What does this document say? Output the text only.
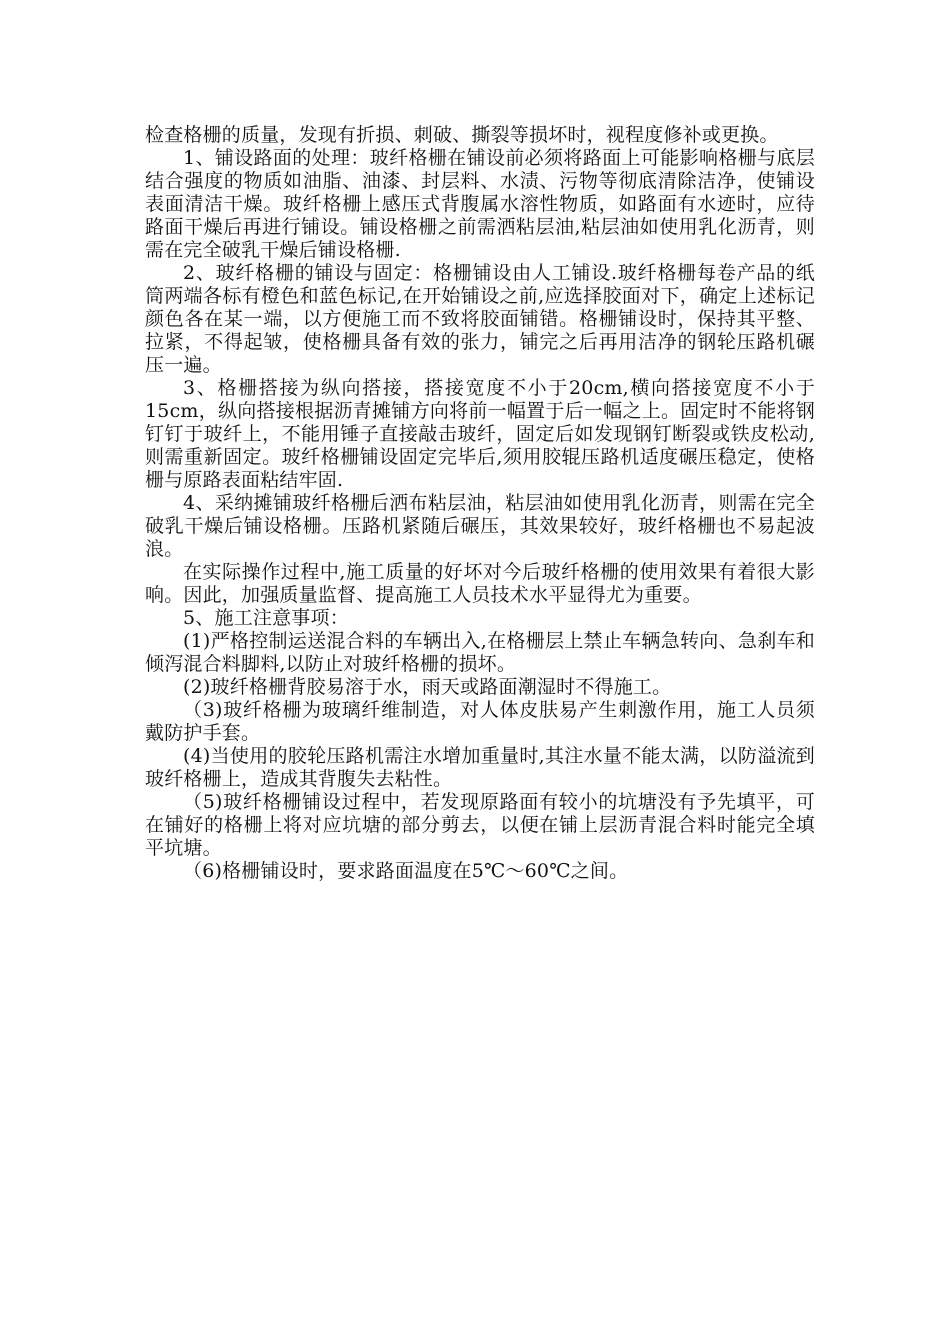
检查格栅的质量，发现有折损、刺破、撕裂等损坏时，视程度修补或更换。

1、铺设路面的处理：玻纤格栅在铺设前必须将路面上可能影响格栅与底层结合强度的物质如油脂、油漆、封层料、水渍、污物等彻底清除洁净，使铺设表面清洁干燥。玻纤格栅上感压式背腹属水溶性物质，如路面有水迹时，应待路面干燥后再进行铺设。铺设格栅之前需洒粘层油,粘层油如使用乳化沥青，则需在完全破乳干燥后铺设格栅.

2、玻纤格栅的铺设与固定：格栅铺设由人工铺设.玻纤格栅每卷产品的纸筒两端各标有橙色和蓝色标记,在开始铺设之前,应选择胶面对下，确定上述标记颜色各在某一端，以方便施工而不致将胶面铺错。格栅铺设时，保持其平整、拉紧，不得起皱，使格栅具备有效的张力，铺完之后再用洁净的钢轮压路机碾压一遍。

3、格栅搭接为纵向搭接，搭接宽度不小于20cm,横向搭接宽度不小于15cm，纵向搭接根据沥青摊铺方向将前一幅置于后一幅之上。固定时不能将钢钉钉于玻纤上，不能用锤子直接敲击玻纤，固定后如发现钢钉断裂或铁皮松动,则需重新固定。玻纤格栅铺设固定完毕后,须用胶辊压路机适度碾压稳定，使格栅与原路表面粘结牢固.

4、采纳摊铺玻纤格栅后洒布粘层油，粘层油如使用乳化沥青，则需在完全破乳干燥后铺设格栅。压路机紧随后碾压，其效果较好，玻纤格栅也不易起波浪。

在实际操作过程中,施工质量的好坏对今后玻纤格栅的使用效果有着很大影响。因此，加强质量监督、提高施工人员技术水平显得尤为重要。

5、施工注意事项：

(1)严格控制运送混合料的车辆出入,在格栅层上禁止车辆急转向、急刹车和倾泻混合料脚料,以防止对玻纤格栅的损坏。

(2)玻纤格栅背胶易溶于水，雨天或路面潮湿时不得施工。

（3)玻纤格栅为玻璃纤维制造，对人体皮肤易产生刺激作用，施工人员须戴防护手套。

(4)当使用的胶轮压路机需注水增加重量时,其注水量不能太满，以防溢流到玻纤格栅上，造成其背腹失去粘性。

（5)玻纤格栅铺设过程中，若发现原路面有较小的坑塘没有予先填平，可在铺好的格栅上将对应坑塘的部分剪去，以便在铺上层沥青混合料时能完全填平坑塘。

（6)格栅铺设时，要求路面温度在5℃～60℃之间。
